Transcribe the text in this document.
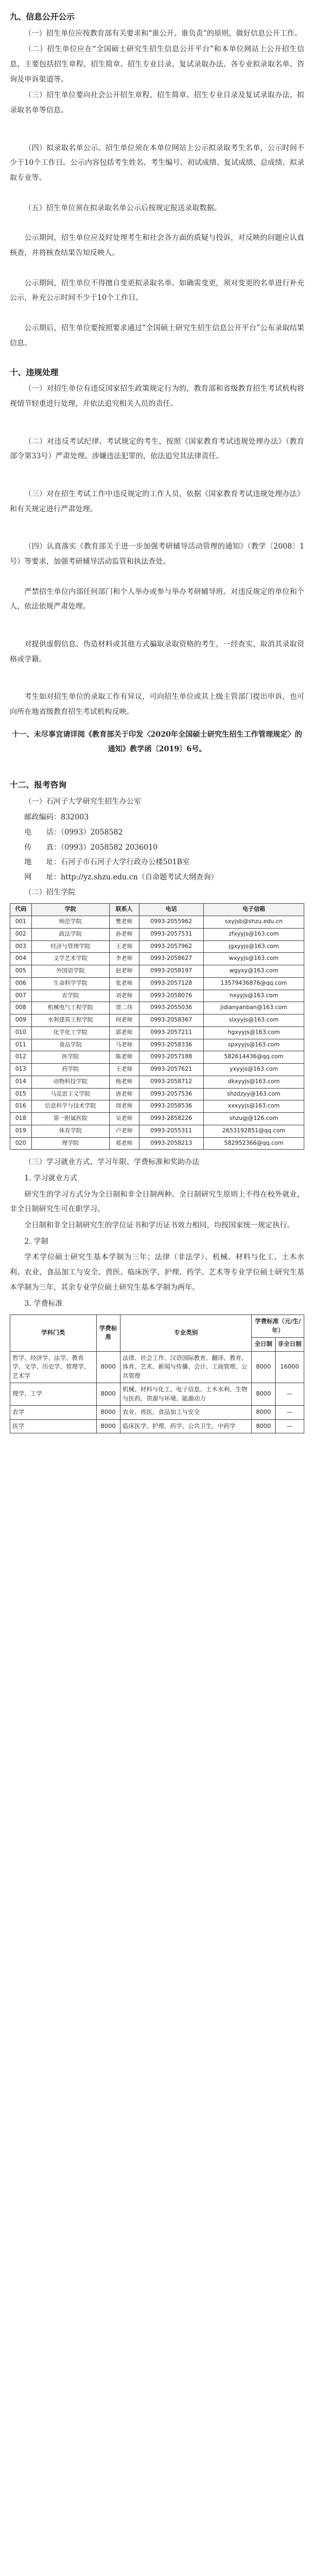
九、信息公开公示

（一）招生单位应按教育部有关要求和“谁公开、谁负责”的原则，做好信息公开工作。

（二）招生单位应在“全国硕士研究生招生信息公开平台”和本单位网站上公开招生信息，主要包括招生章程、招生简章、招生专业目录、复试录取办法、各专业拟录取名单、咨询及申诉渠道等。

（三）招生单位要向社会公开招生章程、招生简章、招生专业目录及复试录取办法、拟录取名单等信息。

（四）拟录取名单公示。招生单位须在本单位网站上公示拟录取考生名单，公示时间不少于10个工作日。公示内容包括考生姓名、考生编号、初试成绩、复试成绩、总成绩、拟录取专业等。

（五）招生单位须在拟录取名单公示后按规定报送录取数据。

公示期间，招生单位应及时处理考生和社会各方面的质疑与投诉，对反映的问题应认真核查，并将核查结果告知反映人。

公示期间，招生单位不得擅自变更拟录取名单。如确需变更，须对变更的名单进行补充公示，补充公示时间不少于10个工作日。

公示期后，招生单位要按照要求通过“全国硕士研究生招生信息公开平台”公布录取结果信息。

十、违规处理

（一）对招生单位有违反国家招生政策规定行为的，教育部和省级教育招生考试机构将视情节轻重进行处理，并依法追究相关人员的责任。

（二）对违反考试纪律、考试规定的考生，按照《国家教育考试违规处理办法》（教育部令第33号）严肃处理。涉嫌违法犯罪的，依法追究其法律责任。

（三）对在招生考试工作中违反规定的工作人员，依据《国家教育考试违规处理办法》和有关规定进行严肃处理。

（四）认真落实《教育部关于进一步加强考研辅导活动管理的通知》（教学〔2008〕1号）等要求，加强考研辅导活动监管和执法查处。

严禁招生单位内部任何部门和个人举办或参与举办考研辅导班。对违反规定的单位和个人，依法依规严肃处理。

对提供虚假信息、伪造材料或其他方式骗取录取资格的考生，一经查实，取消其录取资格或学籍。

考生如对招生单位的录取工作有异议，可向招生单位或其上级主管部门提出申诉，也可向所在地省级教育招生考试机构反映。

十一、未尽事宜请详阅《教育部关于印发〈2020年全国硕士研究生招生工作管理规定〉的通知》教学函〔2019〕6号。

十二、报考咨询

（一）石河子大学研究生招生办公室

邮政编码：832003
电　　话：（0993）2058582
传　　真：（0993）2058582 2036010
地　　址：石河子市石河子大学行政办公楼501B室
网　　址：http://yz.shzu.edu.cn（自命题考试大纲查询）

（二）招生学院

代码	学院	联系人	电话	电子信箱
001	师范学院	樊老师	0993-2055962	sxyjsb@shzu.edu.cn
002	政法学院	孙老师	0993-2057531	zfxyyjs@163.com
003	经济与管理学院	王老师	0993-2057962	jgxyyjs@163.com
004	文学艺术学院	李老师	0993-2058627	wxyyjs@163.com
005	外国语学院	赵老师	0993-2058197	wgyxy@163.com
006	生命科学学院	张老师	0993-2057128	13579436876@qq.com
007	农学院	刘老师	0993-2058076	nxyyjs@163.com
008	机械电气工程学院	贾二伟	0993-2055036	jidianyanban@163.com
009	水利建筑工程学院	何老师	0993-2058367	slxyyjs@163.com
010	化学化工学院	郭老师	0993-2057211	hgxyyjs@163.com
011	食品学院	马老师	0993-2058336	spxyyjs@163.com
012	医学院	陈老师	0993-2057188	582614436@qq.com
013	药学院	王老师	0993-2057621	yxyyjs@163.com
014	动物科技学院	杨老师	0993-2058712	dkxyyjs@163.com
015	马克思主义学院	唐老师	0993-2057536	shzdzyy@163.com
016	信息科学与技术学院	周老师	0993-2058536	xxxyyjs@163.com
018	第一附属医院	吴老师	0993-2858226	shzugj@126.com
019	体育学院	卢老师	0993-2055311	2653192851@qq.com
020	理学院	郑老师	0993-2058213	582952366@qq.com

（三）学习就业方式、学习年限、学费标准和奖助办法

1. 学习就业方式

研究生的学习方式分为全日制和非全日制两种。全日制研究生原则上不得在校外就业，非全日制研究生可在职学习。

全日制和非全日制研究生的学位证书和学历证书效力相同，均按国家统一规定执行。

2. 学制

学术学位硕士研究生基本学制为三年；法律（非法学）、机械、材料与化工、土木水利、农业、食品加工与安全、兽医、临床医学、护理、药学、艺术等专业学位硕士研究生基本学制为三年，其余专业学位硕士研究生基本学制为两年。

3. 学费标准

学科门类	学费标准	专业类别	学费标准（元/生/年）	
			全日制	非全日制
哲学、经济学、法学、教育学、文学、历史学、管理学、艺术学	8000	法律、社会工作、汉语国际教育、翻译、教育、体育、艺术、新闻与传播、会计、工商管理、公共管理	8000	16000
理学、工学	8000	机械、材料与化工、电子信息、土木水利、生物与医药、资源与环境、能源动力	8000	—
农学	8000	农业、兽医、食品加工与安全	8000	—
医学	8000	临床医学、护理、药学、公共卫生、中药学	8000	—
